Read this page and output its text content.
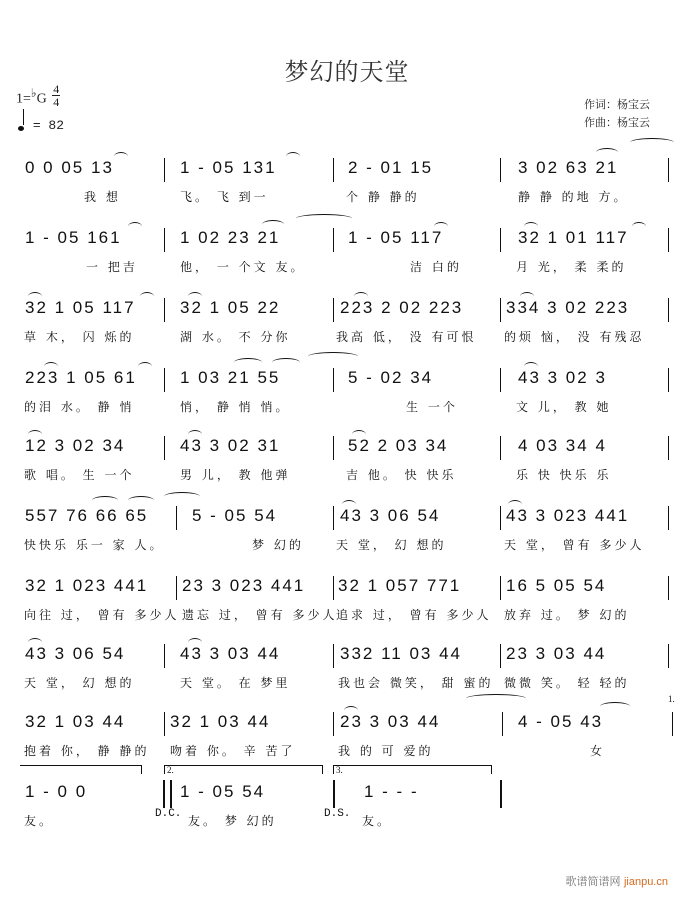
梦幻的天堂
1=♭G $\frac{4}{4}$
= 82
作词：杨宝云
作曲：杨宝云
0 0 05 13	1 - 05 131	2 - 01 15	3 02 63 21
我 想	飞。 飞 到一	个 静 静的	静 静 的地 方。
1 - 05 161	1 02 23 21	1 - 05 117	32 1 01 117
一 把吉	他， 一 个文 友。	洁 白的	月 光， 柔 柔的
32 1 05 117	32 1 05 22	223 2 02 223	334 3 02 223
草 木， 闪 烁的	湖 水。 不 分你	我高 低， 没 有可恨 的烦 恼， 没 有残忍
223 1 05 61	1 03 21 55	5 - 02 34	43 3 02 3
的泪 水。 静 悄	悄， 静 悄 悄。	生 一个	文 儿， 教 她
12 3 02 34	43 3 02 31	52 2 03 34	4 03 34 4
歌 唱。 生 一个	男 儿， 教 他弹	吉 他。 快 快乐	乐 快 快乐 乐
557 76 66 65	5 - 05 54	43 3 06 54	43 3 023 441
快快乐 乐一 家 人。	梦 幻的	天 堂， 幻 想的	天 堂， 曾有 多少人
32 1 023 441 23 3 023 441 32 1 057 771	16 5 05 54
向往 过， 曾有 多少人 遗忘 过， 曾有 多少人
追求 过， 曾有 多少人 放弃 过。 梦 幻的
43 3 06 54	43 3 03 44	332 11 03 44	23 3 03 44
天 堂， 幻 想的	天 堂。 在 梦里	我也会 微笑， 甜 蜜的 微微 笑。 轻 轻的
32 1 03 44	32 1 03 44	23 3 03 44	4 - 05 43
1.
抱着 你， 静 静的 吻着 你。 辛 苦了	我 的 可 爱的	女
2.	3.
1 - 0 0	1 - 05 54	1 - - -
友。	D.C. 友。 梦 幻的	D.S. 友。
歌谱简谱网 jianpu.cn
